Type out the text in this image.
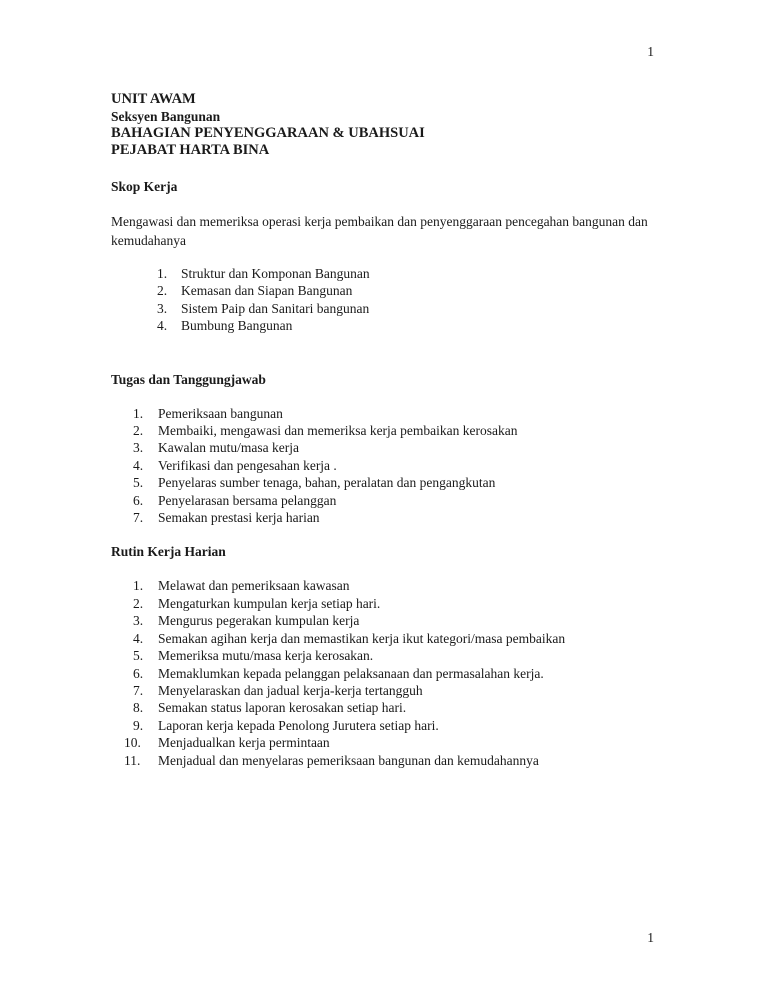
1

UNIT AWAM

Seksyen Bangunan

BAHAGIAN PENYENGGARAAN & UBAHSUAI

PEJABAT HARTA BINA

Skop Kerja

Mengawasi dan memeriksa operasi kerja pembaikan dan penyenggaraan pencegahan bangunan dan kemudahanya

1. Struktur dan Komponan Bangunan
2. Kemasan dan Siapan Bangunan
3. Sistem Paip dan Sanitari bangunan
4. Bumbung Bangunan

Tugas dan Tanggungjawab

1. Pemeriksaan bangunan
2. Membaiki, mengawasi dan memeriksa kerja pembaikan kerosakan
3. Kawalan mutu/masa kerja
4. Verifikasi dan pengesahan kerja .
5. Penyelaras sumber tenaga, bahan, peralatan dan pengangkutan
6. Penyelarasan bersama pelanggan
7. Semakan prestasi kerja harian

Rutin Kerja Harian

1.	Melawat dan pemeriksaan kawasan
2.	Mengaturkan kumpulan kerja setiap hari.
3.	Mengurus pegerakan kumpulan kerja
4.	Semakan agihan kerja dan memastikan kerja ikut kategori/masa pembaikan
5.	Memeriksa mutu/masa kerja kerosakan.
6.	Memaklumkan kepada pelanggan pelaksanaan dan permasalahan kerja.
7.	Menyelaraskan dan jadual kerja-kerja tertangguh
8.	Semakan status laporan kerosakan setiap hari.
9.	Laporan kerja kepada Penolong Jurutera setiap hari.
10. Menjadualkan kerja permintaan
11. Menjadual dan menyelaras pemeriksaan bangunan dan kemudahannya
1
